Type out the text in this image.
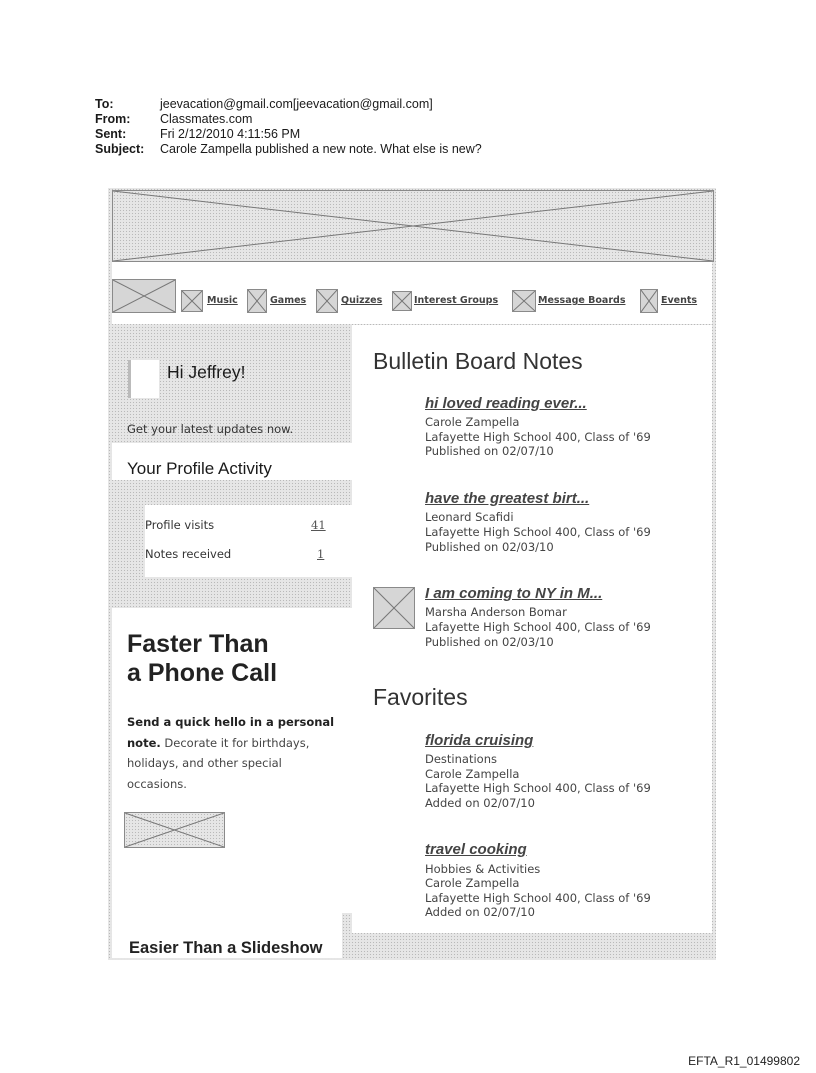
To:	jeevacation@gmail.com[jeevacation@gmail.com]
From:	Classmates.com
Sent:	Fri 2/12/2010 4:11:56 PM
Subject:	Carole Zampella published a new note. What else is new?
Music	Games	Quizzes	Interest Groups	Message Boards	Events
Hi Jeffrey!
Get your latest updates now.
Your Profile Activity
Profile visits	41
Notes received	1
Faster Than
a Phone Call
Send a quick hello in a personal note. Decorate it for birthdays, holidays, and other special occasions.
Easier Than a Slideshow
Bulletin Board Notes
hi loved reading ever...
Carole Zampella
Lafayette High School 400, Class of '69
Published on 02/07/10
have the greatest birt...
Leonard Scafidi
Lafayette High School 400, Class of '69
Published on 02/03/10
I am coming to NY in M...
Marsha Anderson Bomar
Lafayette High School 400, Class of '69
Published on 02/03/10
Favorites
florida cruising
Destinations
Carole Zampella
Lafayette High School 400, Class of '69
Added on 02/07/10
travel cooking
Hobbies & Activities
Carole Zampella
Lafayette High School 400, Class of '69
Added on 02/07/10
EFTA_R1_01499802
